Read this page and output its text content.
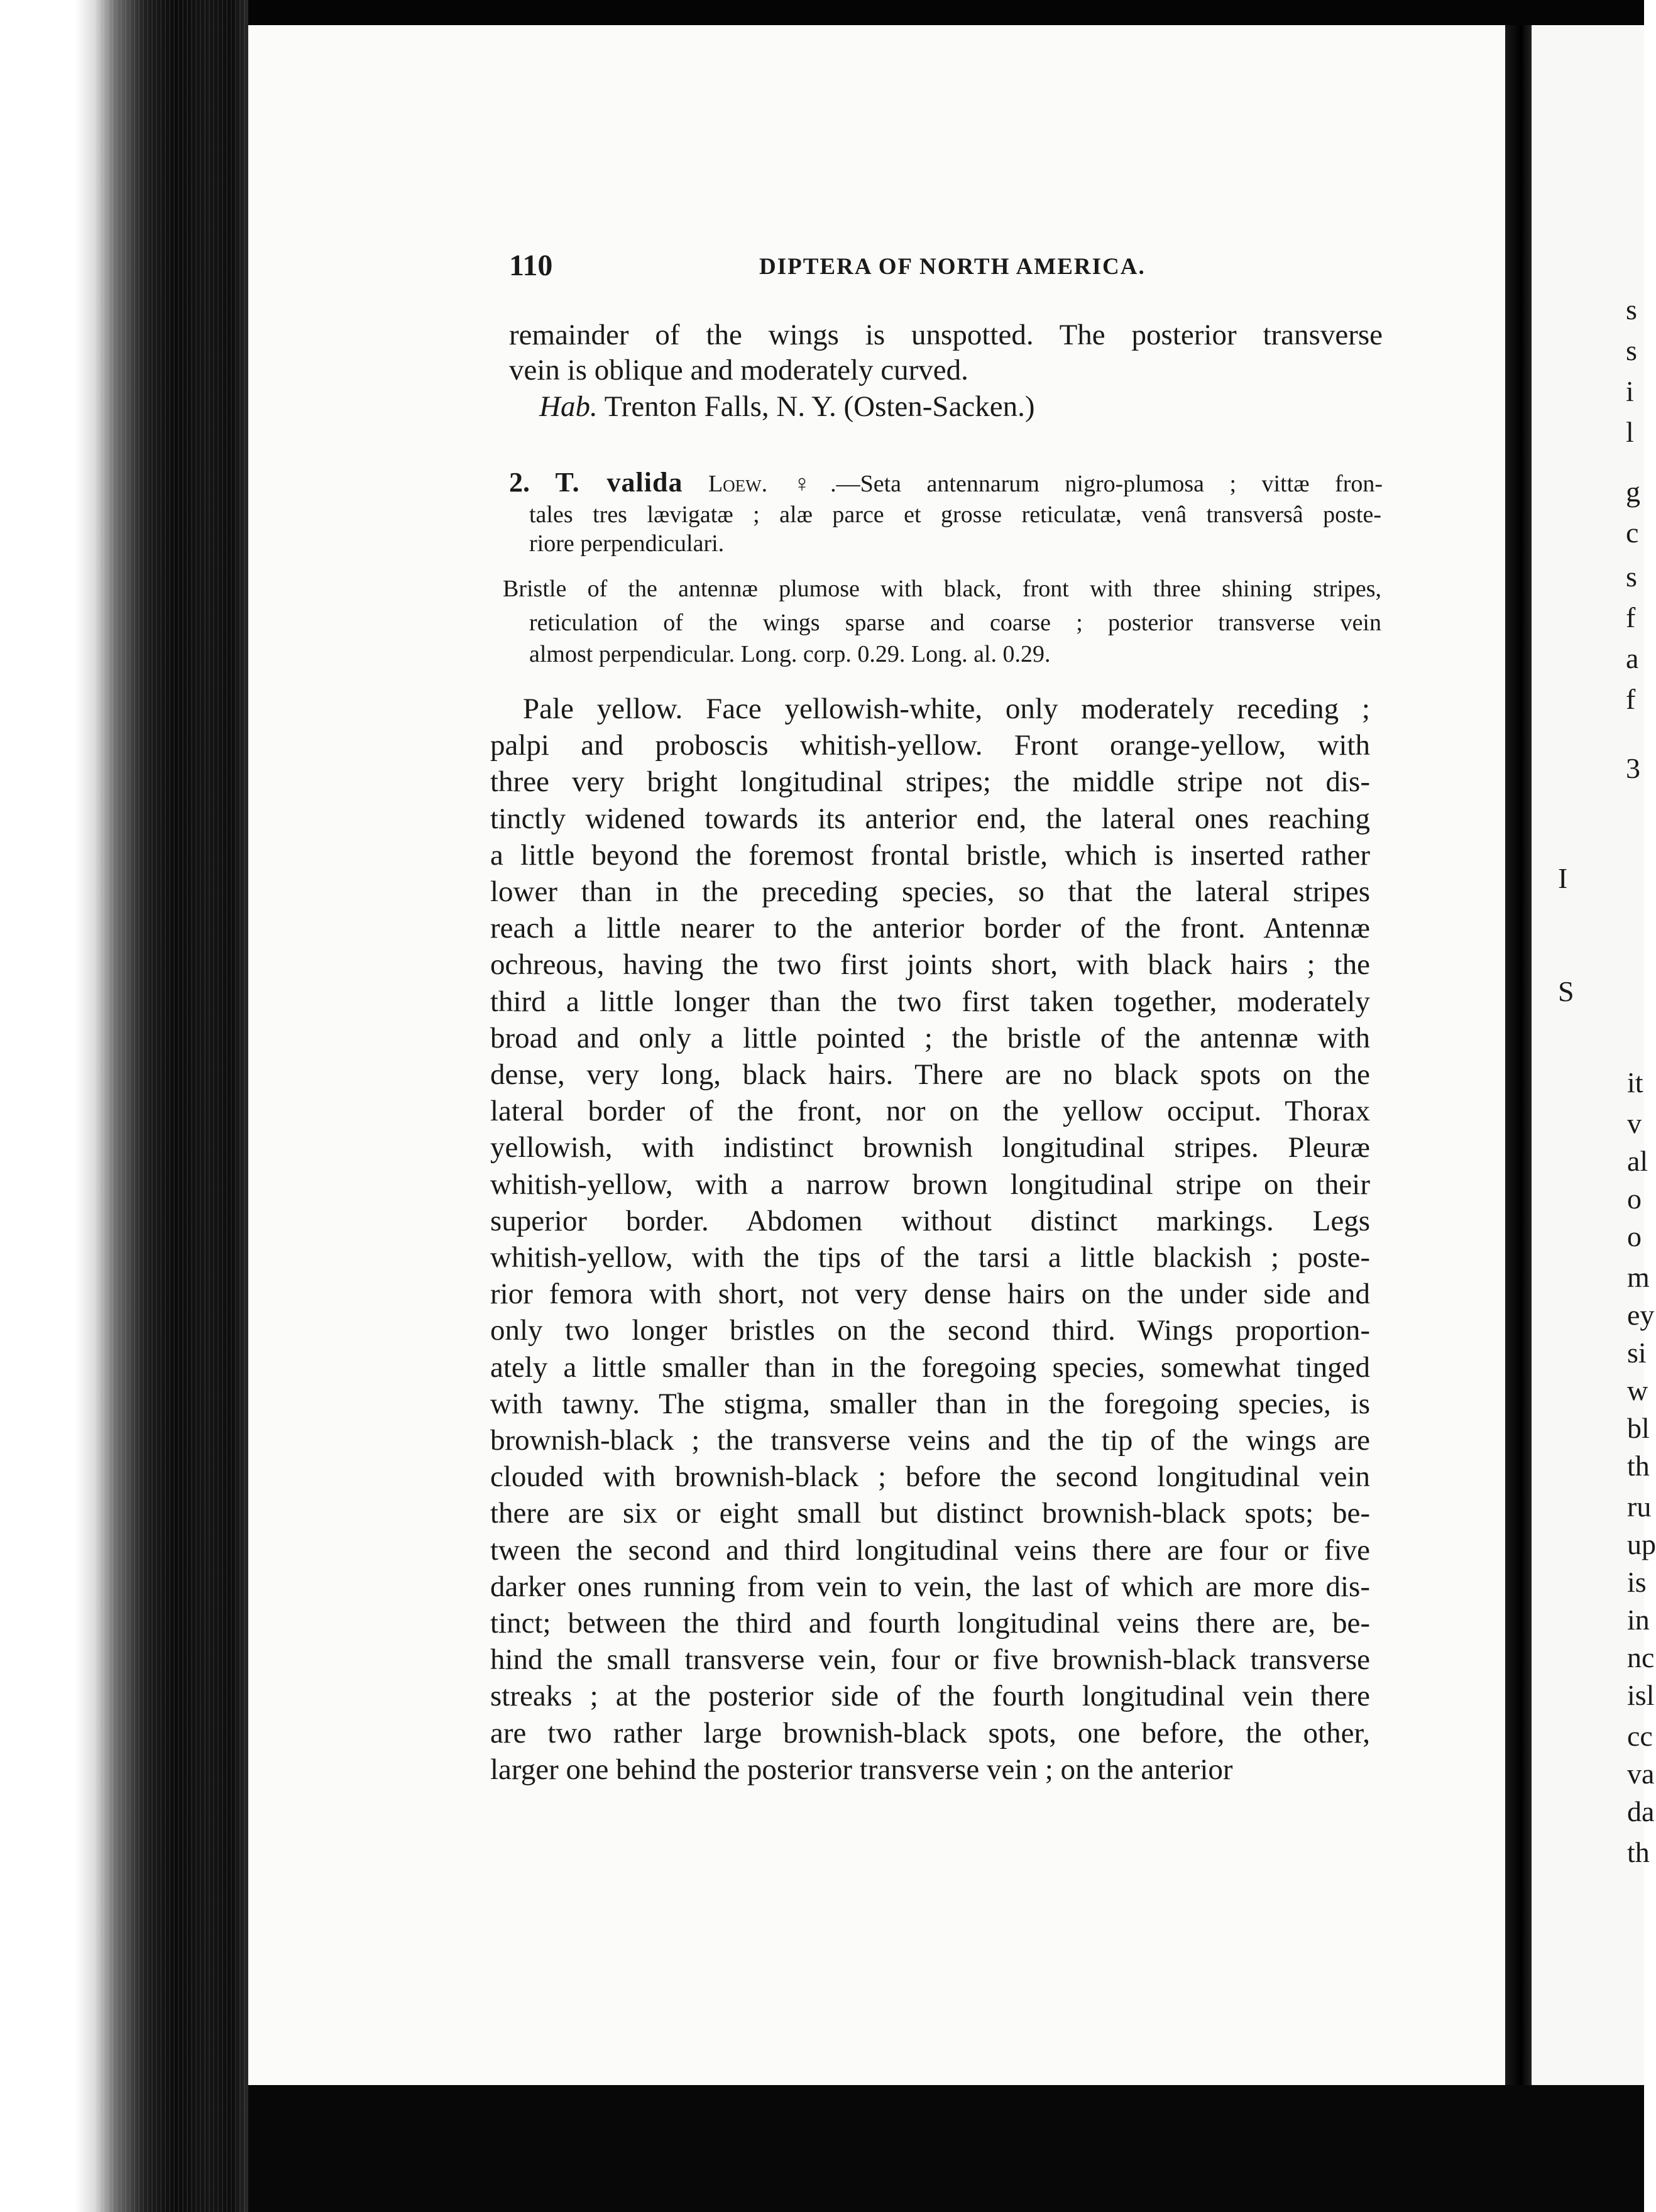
s
s
i
l
g
c
s
f
a
f
3
I
S
it
v
al
o
o
m
ey
si
w
bl
th
ru
up
is
in
nc
isl
cc
va
da
th
110	DIPTERA OF NORTH AMERICA.
remainder of the wings is unspotted. The posterior transverse
vein is oblique and moderately curved.
Hab. Trenton Falls, N. Y. (Osten-Sacken.)
2. T. valida Loew. ♀.—Seta antennarum nigro-plumosa ; vittæ fron-
tales tres lævigatæ ; alæ parce et grosse reticulatæ, venâ transversâ poste-
riore perpendiculari.
Bristle of the antennæ plumose with black, front with three shining stripes,
reticulation of the wings sparse and coarse ; posterior transverse vein
almost perpendicular. Long. corp. 0.29. Long. al. 0.29.
Pale yellow. Face yellowish-white, only moderately receding ;
palpi and proboscis whitish-yellow. Front orange-yellow, with
three very bright longitudinal stripes; the middle stripe not dis-
tinctly widened towards its anterior end, the lateral ones reaching
a little beyond the foremost frontal bristle, which is inserted rather
lower than in the preceding species, so that the lateral stripes
reach a little nearer to the anterior border of the front. Antennæ
ochreous, having the two first joints short, with black hairs ; the
third a little longer than the two first taken together, moderately
broad and only a little pointed ; the bristle of the antennæ with
dense, very long, black hairs. There are no black spots on the
lateral border of the front, nor on the yellow occiput. Thorax
yellowish, with indistinct brownish longitudinal stripes. Pleuræ
whitish-yellow, with a narrow brown longitudinal stripe on their
superior border. Abdomen without distinct markings. Legs
whitish-yellow, with the tips of the tarsi a little blackish ; poste-
rior femora with short, not very dense hairs on the under side and
only two longer bristles on the second third. Wings proportion-
ately a little smaller than in the foregoing species, somewhat tinged
with tawny. The stigma, smaller than in the foregoing species, is
brownish-black ; the transverse veins and the tip of the wings are
clouded with brownish-black ; before the second longitudinal vein
there are six or eight small but distinct brownish-black spots; be-
tween the second and third longitudinal veins there are four or five
darker ones running from vein to vein, the last of which are more dis-
tinct; between the third and fourth longitudinal veins there are, be-
hind the small transverse vein, four or five brownish-black transverse
streaks ; at the posterior side of the fourth longitudinal vein there
are two rather large brownish-black spots, one before, the other,
larger one behind the posterior transverse vein ; on the anterior
